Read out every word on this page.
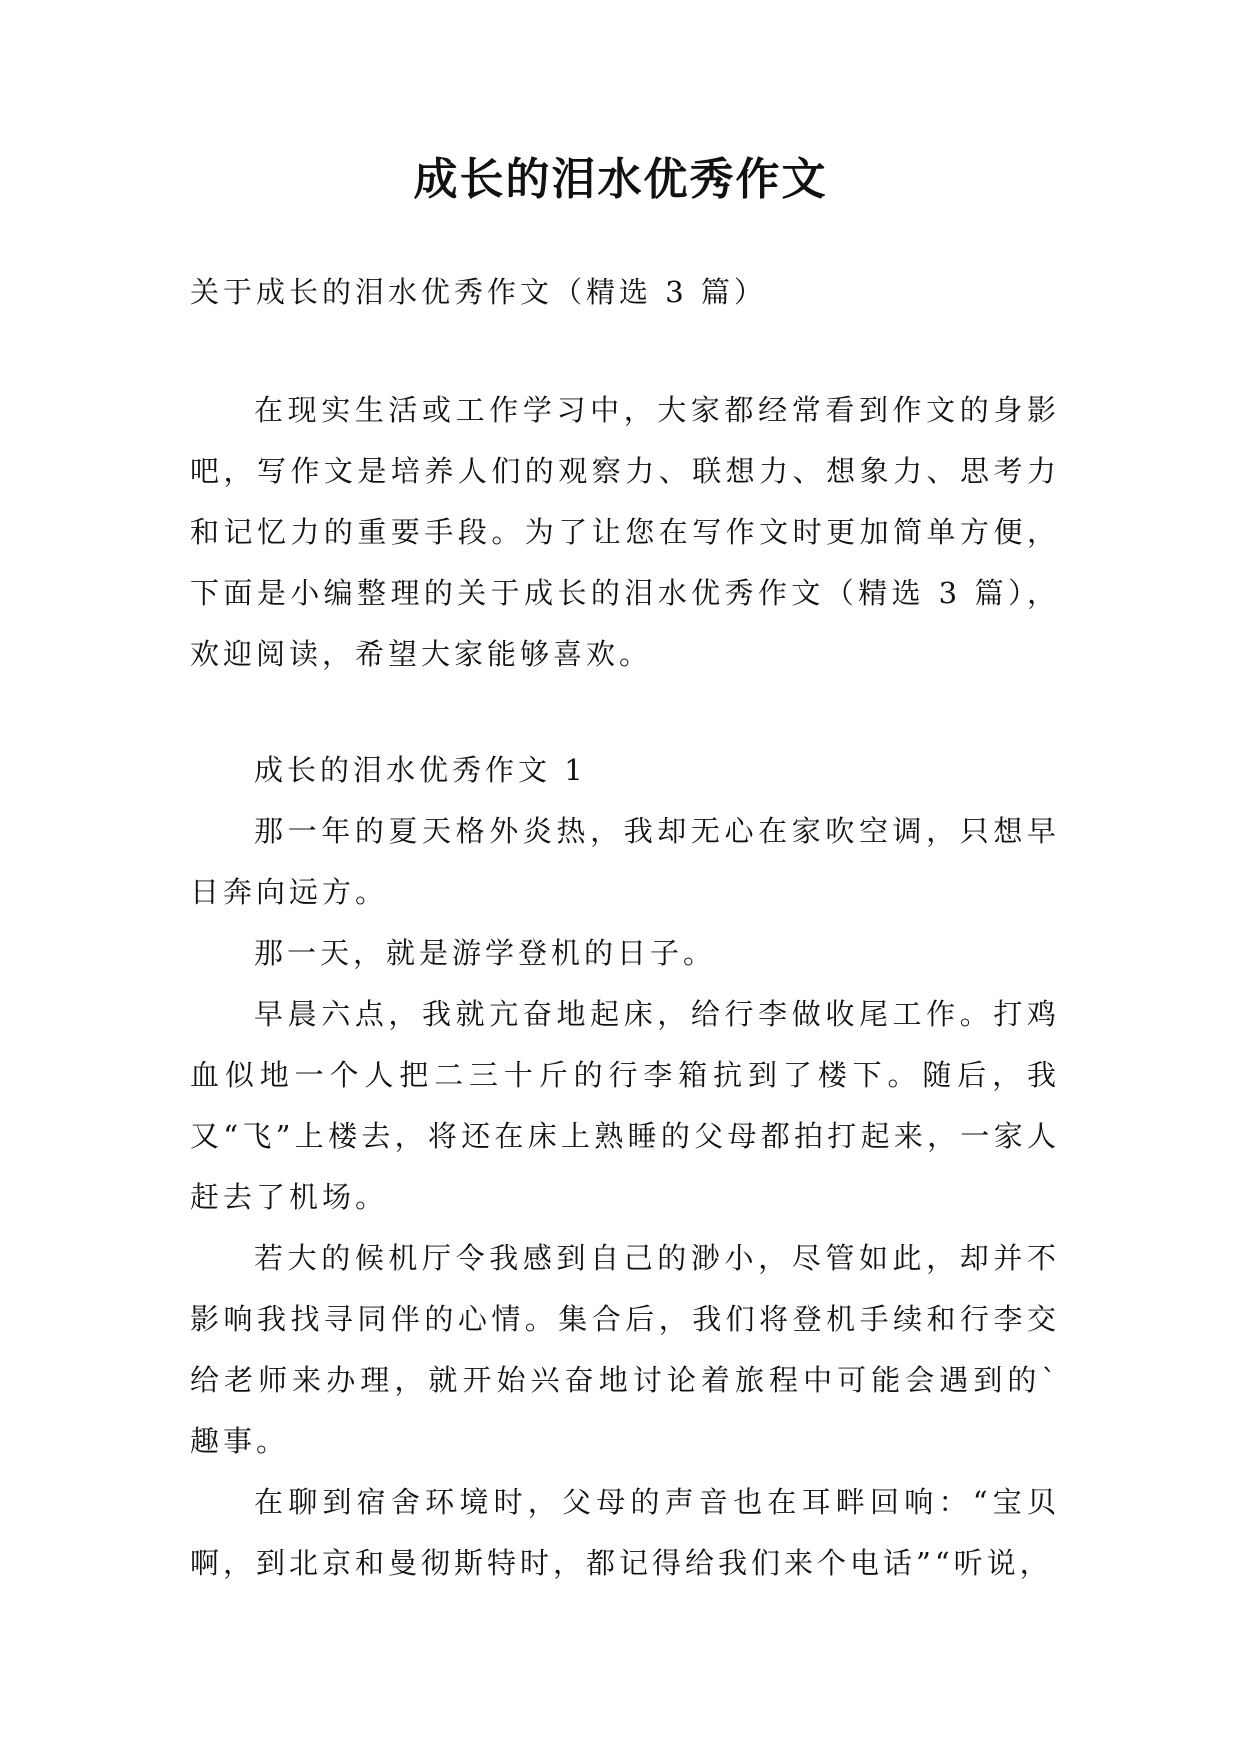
成长的泪水优秀作文

关于成长的泪水优秀作文（精选 3 篇）

在现实生活或工作学习中，大家都经常看到作文的身影吧，写作文是培养人们的观察力、联想力、想象力、思考力和记忆力的重要手段。为了让您在写作文时更加简单方便，下面是小编整理的关于成长的泪水优秀作文（精选 3 篇），欢迎阅读，希望大家能够喜欢。

成长的泪水优秀作文 1

那一年的夏天格外炎热，我却无心在家吹空调，只想早日奔向远方。

那一天，就是游学登机的日子。

早晨六点，我就亢奋地起床，给行李做收尾工作。打鸡血似地一个人把二三十斤的行李箱抗到了楼下。随后，我又“飞”上楼去，将还在床上熟睡的父母都拍打起来，一家人赶去了机场。

若大的候机厅令我感到自己的渺小，尽管如此，却并不影响我找寻同伴的心情。集合后，我们将登机手续和行李交给老师来办理，就开始兴奋地讨论着旅程中可能会遇到的`趣事。

在聊到宿舍环境时，父母的声音也在耳畔回响：“宝贝啊，到北京和曼彻斯特时，都记得给我们来个电话”“听说，
